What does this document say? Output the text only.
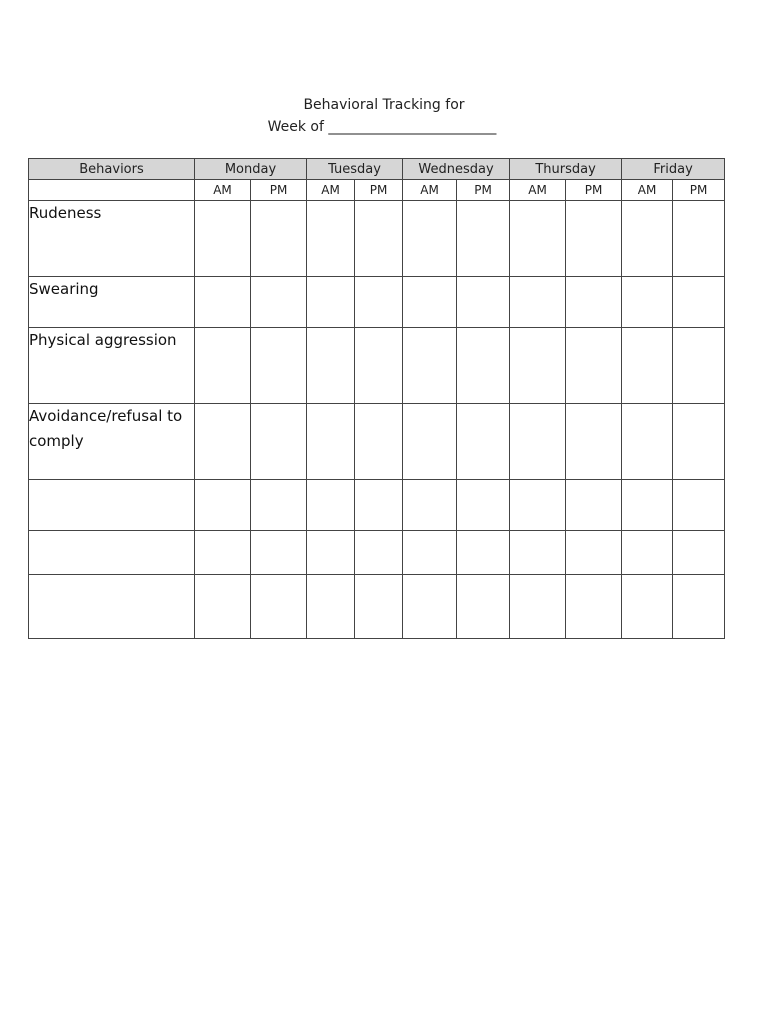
Behavioral Tracking for
Week of ________________________
Behaviors	Monday		Tuesday		Wednesday		Thursday		Friday	
	AM	PM	AM	PM	AM	PM	AM	PM	AM	PM
Rudeness										
Swearing										
Physical aggression										
Avoidance/refusal to comply										
